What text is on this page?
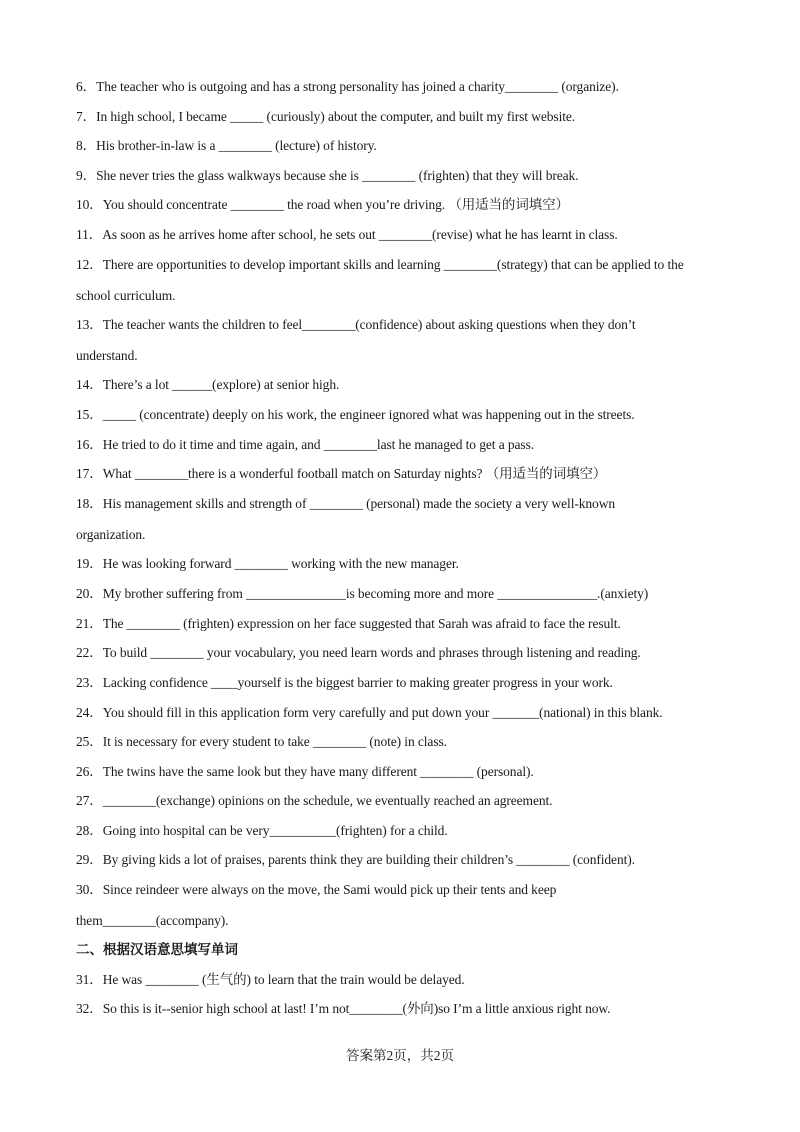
6．The teacher who is outgoing and has a strong personality has joined a charity________ (organize).
7．In high school, I became _____ (curiously) about the computer, and built my first website.
8．His brother-in-law is a ________ (lecture) of history.
9．She never tries the glass walkways because she is ________ (frighten) that they will break.
10．You should concentrate ________ the road when you’re driving. （用适当的词填空）
11．As soon as he arrives home after school, he sets out ________(revise) what he has learnt in class.
12．There are opportunities to develop important skills and learning ________(strategy) that can be applied to the
school curriculum.
13．The teacher wants the children to feel________(confidence) about asking questions when they don’t
understand.
14．There’s a lot ______(explore) at senior high.
15．_____ (concentrate) deeply on his work, the engineer ignored what was happening out in the streets.
16．He tried to do it time and time again, and ________last he managed to get a pass.
17．What ________there is a wonderful football match on Saturday nights? （用适当的词填空）
18．His management skills and strength of ________ (personal) made the society a very well-known
organization.
19．He was looking forward ________ working with the new manager.
20．My brother suffering from _______________is becoming more and more _______________.(anxiety)
21．The ________ (frighten) expression on her face suggested that Sarah was afraid to face the result.
22．To build ________ your vocabulary, you need learn words and phrases through listening and reading.
23．Lacking confidence ____yourself is the biggest barrier to making greater progress in your work.
24．You should fill in this application form very carefully and put down your _______(national) in this blank.
25．It is necessary for every student to take ________ (note) in class.
26．The twins have the same look but they have many different ________ (personal).
27．________(exchange) opinions on the schedule, we eventually reached an agreement.
28．Going into hospital can be very__________(frighten) for a child.
29．By giving kids a lot of praises, parents think they are building their children’s ________ (confident).
30．Since reindeer were always on the move, the Sami would pick up their tents and keep
them________(accompany).
二、根据汉语意思填写单词
31．He was ________ (生气的) to learn that the train would be delayed.
32．So this is it--senior high school at last! I’m not________(外向)so I’m a little anxious right now.
答案第2页，共2页
